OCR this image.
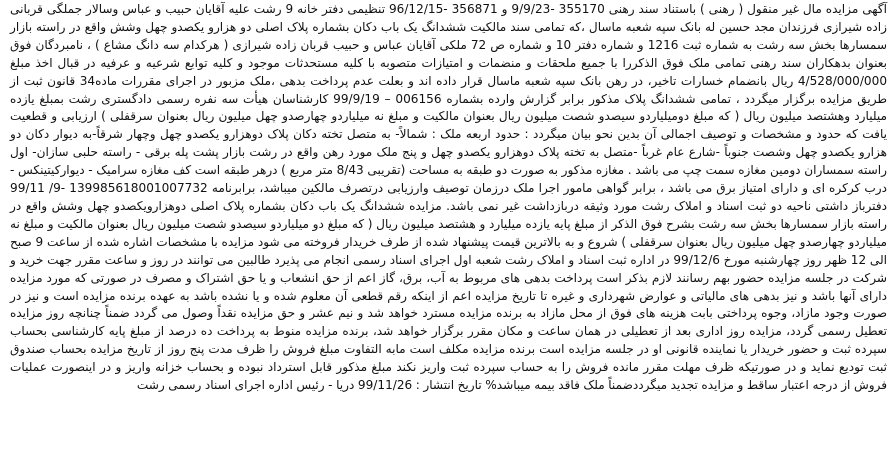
آگهی مزایده مال غیر منقول ( رهنی ) باستناد سند رهنی 355170 -9/9/23 و 356871 -96/12/15 تنظیمی دفتر خانه 9 رشت علیه آقایان حبیب و عباس وسالار جملگی قربانی زاده شیرازی فرزندان مجد حسین له بانک سپه شعبه ماسال ،که تمامی سند مالکیت ششدانگ یک باب دکان بشماره پلاک اصلی دو هزارو یکصدو چهل وشش واقع در راسته بازار سمسارها بخش سه رشت به شماره ثبت 1216 و شماره دفتر 10 و شماره ص 72 ملکی آقایان عباس و حبیب قربان زاده شیرازی ( هرکدام سه دانگ مشاع ) ، نامبردگان فوق بعنوان بدهکاران سند رهنی تمامی ملک فوق الذکررا با جمیع ملحقات و منضمات و امتیازات متصوبه با کلیه مستحدثات موجود و کلیه توابع شرعیه و عرفیه در قبال اخذ مبلغ 4/528/000/000 ریال بانضمام خسارات تاخیر، در رهن بانک سپه شعبه ماسال قرار داده اند و بعلت عدم پرداخت بدهی ،ملک مزبور در اجرای مقررات ماده34 قانون ثبت از طریق مزایده برگزار میگردد ، تمامی ششدانگ پلاک مذکور برابر گزارش وارده بشماره 006156 – 99/9/19 کارشناسان هیأت سه نفره رسمی دادگستری رشت بمبلغ یازده میلیارد وهشتصد میلیون ریال ( که مبلغ دومیلیاردو سیصدو شصت میلیون ریال بعنوان مالکیت و مبلغ نه میلیاردو چهارصدو چهل میلیون ریال بعنوان سرقفلی ) ارزیابی و قطعیت یافت که حدود و مشخصات و توصیف اجمالی آن بدین نحو بیان میگردد : حدود اربعه ملک : شمالاً- به متصل تخته دکان پلاک دوهزارو یکصدو چهل وچهار شرقاً-به دیوار دکان دو هزارو یکصدو چهل وشصت جنوباً -شارع عام غرباً -متصل به تخته پلاک دوهزارو یکصدو چهل و پنج ملک مورد رهن واقع در رشت بازار پشت پله برقی - راسته حلبی سازان- اول راسته سمساران دومین مغازه سمت چپ می باشد . مغازه مذکور به صورت دو طبقه به مساحت (تقریبی 8/43 متر مربع ) درهر طبقه است کف مغازه سرامیک - دیوارکیتینکس - درب کرکره ای و دارای امتیاز برق می باشد ، برابر گواهی مامور اجرا ملک درزمان توصیف وارزیابی درتصرف مالکین میباشد، برابرنامه 139985618001007732 -9/ 99/11 دفترباز داشتی ناحیه دو ثبت اسناد و املاک رشت مورد وثیقه دربازداشت غیر نمی باشد. مزایده ششدانگ یک باب دکان بشماره پلاک اصلی دوهزارویکصدو چهل وشش واقع در راسته بازار سمسارها بخش سه رشت بشرح فوق الذکر از مبلغ پایه یازده میلیارد و هشتصد میلیون ریال ( که مبلغ دو میلیاردو سیصدو شصت میلیون ریال بعنوان مالکیت و مبلغ نه میلیاردو چهارصدو چهل میلیون ریال بعنوان سرقفلی ) شروع و به بالاترین قیمت پیشنهاد شده از طرف خریدار فروخته می شود مزایده با مشخصات اشاره شده از ساعت 9 صبح الی 12 ظهر روز چهارشنبه مورخ 99/12/6 در اداره ثبت اسناد و املاک رشت شعبه اول اجرای اسناد رسمی انجام می پذیرد طالبین می توانند در روز و ساعت مقرر جهت خرید و شرکت در جلسه مزایده حضور بهم رسانند لازم بذکر است پرداخت بدهی های مربوط به آب، برق، گاز اعم از حق انشعاب و یا حق اشتراک و مصرف در صورتی که مورد مزایده دارای آنها باشد و نیز بدهی های مالیاتی و عوارض شهرداری و غیره تا تاریخ مزایده اعم از اینکه رقم قطعی آن معلوم شده و یا نشده باشد به عهده برنده مزایده است و نیز در صورت وجود مازاد، وجوه پرداختی بابت هزینه های فوق از محل مازاد به برنده مزایده مسترد خواهد شد و نیم عشر و حق مزایده نقداً وصول می گردد ضمناً چنانچه روز مزایده تعطیل رسمی گردد، مزایده روز اداری بعد از تعطیلی در همان ساعت و مکان مقرر برگزار خواهد شد، برنده مزایده منوط به پرداخت ده درصد از مبلغ پایه کارشناسی بحساب سپرده ثبت و حضور خریدار یا نماینده قانونی او در جلسه مزایده است برنده مزایده مکلف است مابه التفاوت مبلغ فروش را ظرف مدت پنج روز از تاریخ مزایده بحساب صندوق ثبت تودیع نماید و در صورتیکه ظرف مهلت مقرر مانده فروش را به حساب سپرده ثبت واریز نکند مبلغ مذکور قابل استرداد نبوده و بحساب خزانه واریز و در اینصورت عملیات فروش از درجه اعتبار ساقط و مزایده تجدید میگرددضمناً ملک فاقد بیمه میباشد% تاریخ انتشار : 99/11/26 دریا - رئیس اداره اجرای اسناد رسمی رشت
